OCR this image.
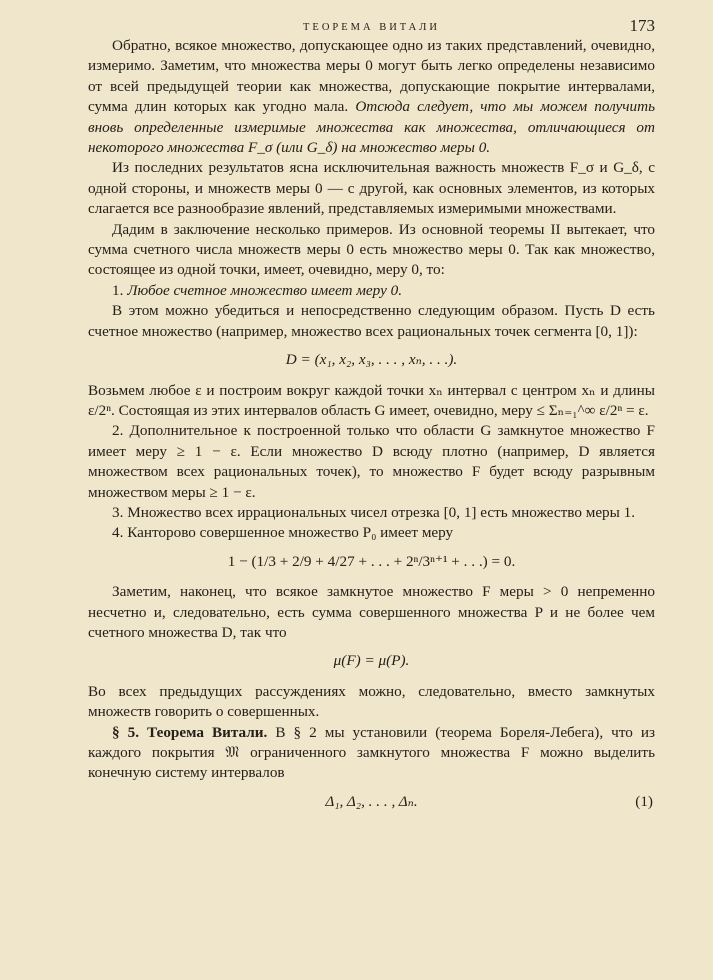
ТЕОРЕМА ВИТАЛИ	173

Обратно, всякое множество, допускающее одно из таких представлений, очевидно, измеримо. Заметим, что множества меры 0 могут быть легко определены независимо от всей предыдущей теории как множества, допускающие покрытие интервалами, сумма длин которых как угодно мала. Отсюда следует, что мы можем получить вновь определенные измеримые множества как множества, отличающиеся от некоторого множества F_σ (или G_δ) на множество меры 0.

Из последних результатов ясна исключительная важность множеств F_σ и G_δ, с одной стороны, и множеств меры 0 — с другой, как основных элементов, из которых слагается все разнообразие явлений, представляемых измеримыми множествами.

Дадим в заключение несколько примеров. Из основной теоремы II вытекает, что сумма счетного числа множеств меры 0 есть множество меры 0. Так как множество, состоящее из одной точки, имеет, очевидно, меру 0, то:

1. Любое счетное множество имеет меру 0.

В этом можно убедиться и непосредственно следующим образом. Пусть D есть счетное множество (например, множество всех рациональных точек сегмента [0, 1]):

D = (x₁, x₂, x₃, . . . , xₙ, . . .).

Возьмем любое ε и построим вокруг каждой точки xₙ интервал с центром xₙ и длины ε/2ⁿ. Состоящая из этих интервалов область G имеет, очевидно, меру ≤ Σₙ₌₁^∞ ε/2ⁿ = ε.

2. Дополнительное к построенной только что области G замкнутое множество F имеет меру ≥ 1 − ε. Если множество D всюду плотно (например, D является множеством всех рациональных точек), то множество F будет всюду разрывным множеством меры ≥ 1 − ε.

3. Множество всех иррациональных чисел отрезка [0, 1] есть множество меры 1.

4. Канторово совершенное множество P₀ имеет меру

1 − (1/3 + 2/9 + 4/27 + . . . + 2ⁿ/3ⁿ⁺¹ + . . .) = 0.

Заметим, наконец, что всякое замкнутое множество F меры > 0 непременно несчетно и, следовательно, есть сумма совершенного множества P и не более чем счетного множества D, так что

μ(F) = μ(P).

Во всех предыдущих рассуждениях можно, следовательно, вместо замкнутых множеств говорить о совершенных.

§ 5. Теорема Витали. В § 2 мы установили (теорема Бореля-Лебега), что из каждого покрытия 𝔐 ограниченного замкнутого множества F можно выделить конечную систему интервалов

Δ₁, Δ₂, . . . , Δₙ.	(1)
